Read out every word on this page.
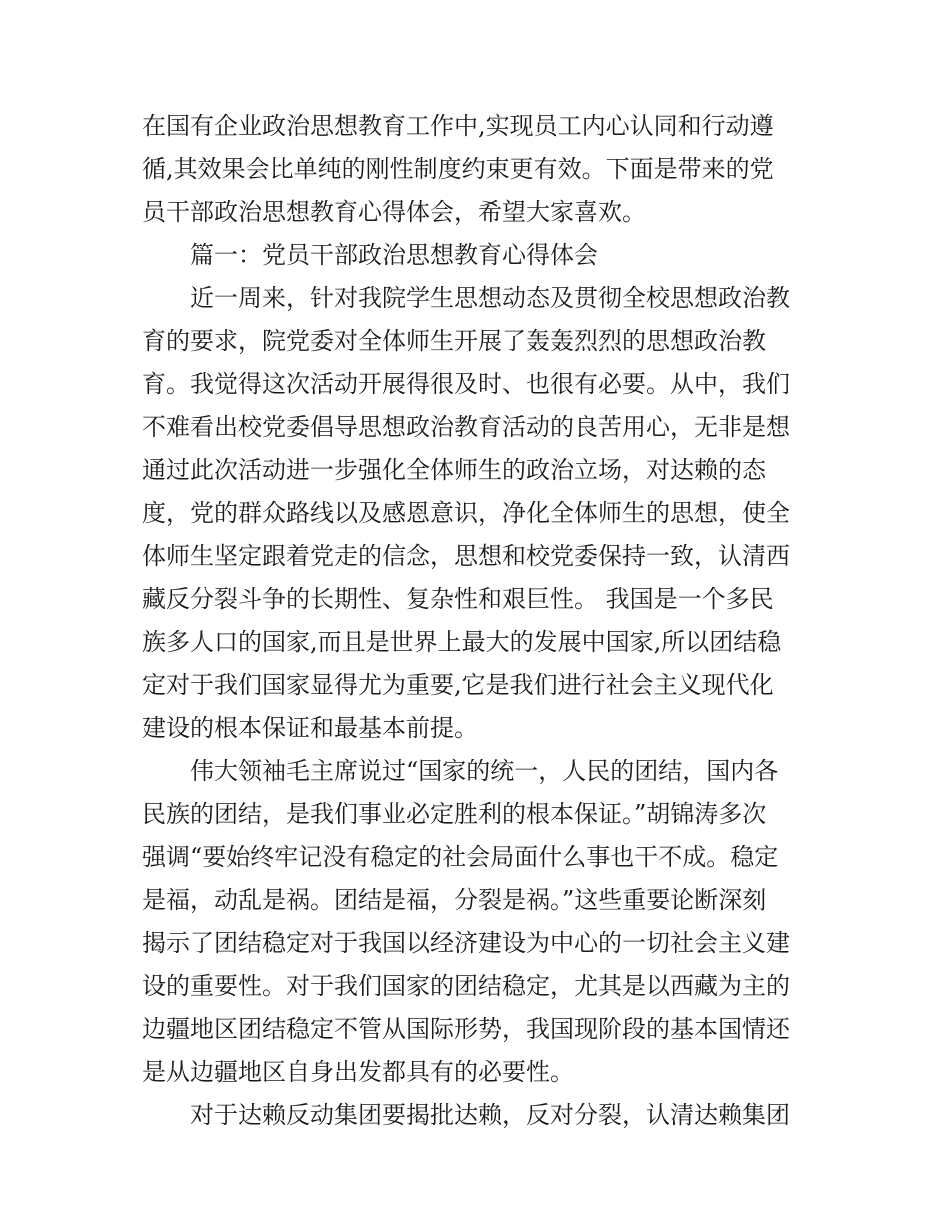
在国有企业政治思想教育工作中,实现员工内心认同和行动遵
循,其效果会比单纯的刚性制度约束更有效。下面是带来的党
员干部政治思想教育心得体会，希望大家喜欢。
篇一：党员干部政治思想教育心得体会
近一周来，针对我院学生思想动态及贯彻全校思想政治教
育的要求，院党委对全体师生开展了轰轰烈烈的思想政治教
育。我觉得这次活动开展得很及时、也很有必要。从中，我们
不难看出校党委倡导思想政治教育活动的良苦用心，无非是想
通过此次活动进一步强化全体师生的政治立场，对达赖的态
度，党的群众路线以及感恩意识，净化全体师生的思想，使全
体师生坚定跟着党走的信念，思想和校党委保持一致，认清西
藏反分裂斗争的长期性、复杂性和艰巨性。 我国是一个多民
族多人口的国家,而且是世界上最大的发展中国家,所以团结稳
定对于我们国家显得尤为重要,它是我们进行社会主义现代化
建设的根本保证和最基本前提。
伟大领袖毛主席说过“国家的统一，人民的团结，国内各
民族的团结，是我们事业必定胜利的根本保证。”胡锦涛多次
强调“要始终牢记没有稳定的社会局面什么事也干不成。稳定
是福，动乱是祸。团结是福，分裂是祸。”这些重要论断深刻
揭示了团结稳定对于我国以经济建设为中心的一切社会主义建
设的重要性。对于我们国家的团结稳定，尤其是以西藏为主的
边疆地区团结稳定不管从国际形势，我国现阶段的基本国情还
是从边疆地区自身出发都具有的必要性。
对于达赖反动集团要揭批达赖，反对分裂，认清达赖集团
